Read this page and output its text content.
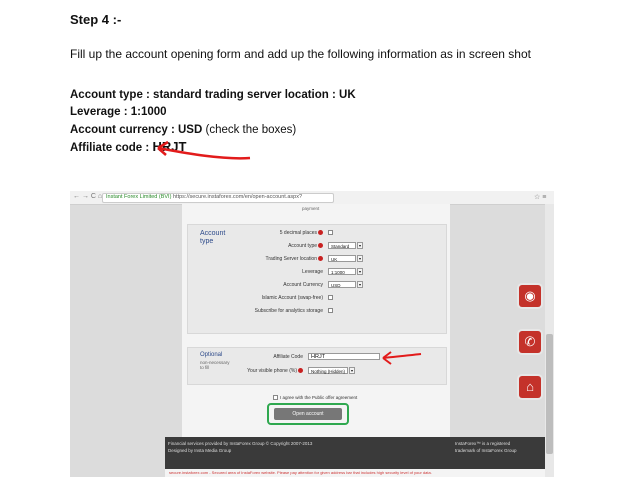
Step 4 :-
Fill up the account opening form and add up the following information as in screen shot
Account type : standard trading server location : UK
Leverage : 1:1000
Account currency : USD (check the boxes)
Affiliate code : HRJT
← → C ⌂ Instant Forex Limited (BVI) https://secure.instaforex.com/en/open-account.aspx?	☆ ≡
payment
Account type
5 decimal places
Account type	Standard	▾
Trading Server location	UK	▾
Leverage	1:1000	▾
Account Currency	USD	▾
Islamic Account (swap-free)
Subscribe for analytics storage
Optional
non-necessary to fill
Affiliate Code	HRJT
Your visible phone (%)	Nothing (Hidden)	▾
I agree with the Public offer agreement
Open account
Financial services provided by InstaForex Group © Copyright 2007-2013
Designed by Insta Media Group
InstaForex™ is a registered
trademark of InstaForex Group
secure.instaforex.com - Secured area of InstaForex website. Please pay attention for given address bar that includes high security level of your data.
◉
✆
⌂
